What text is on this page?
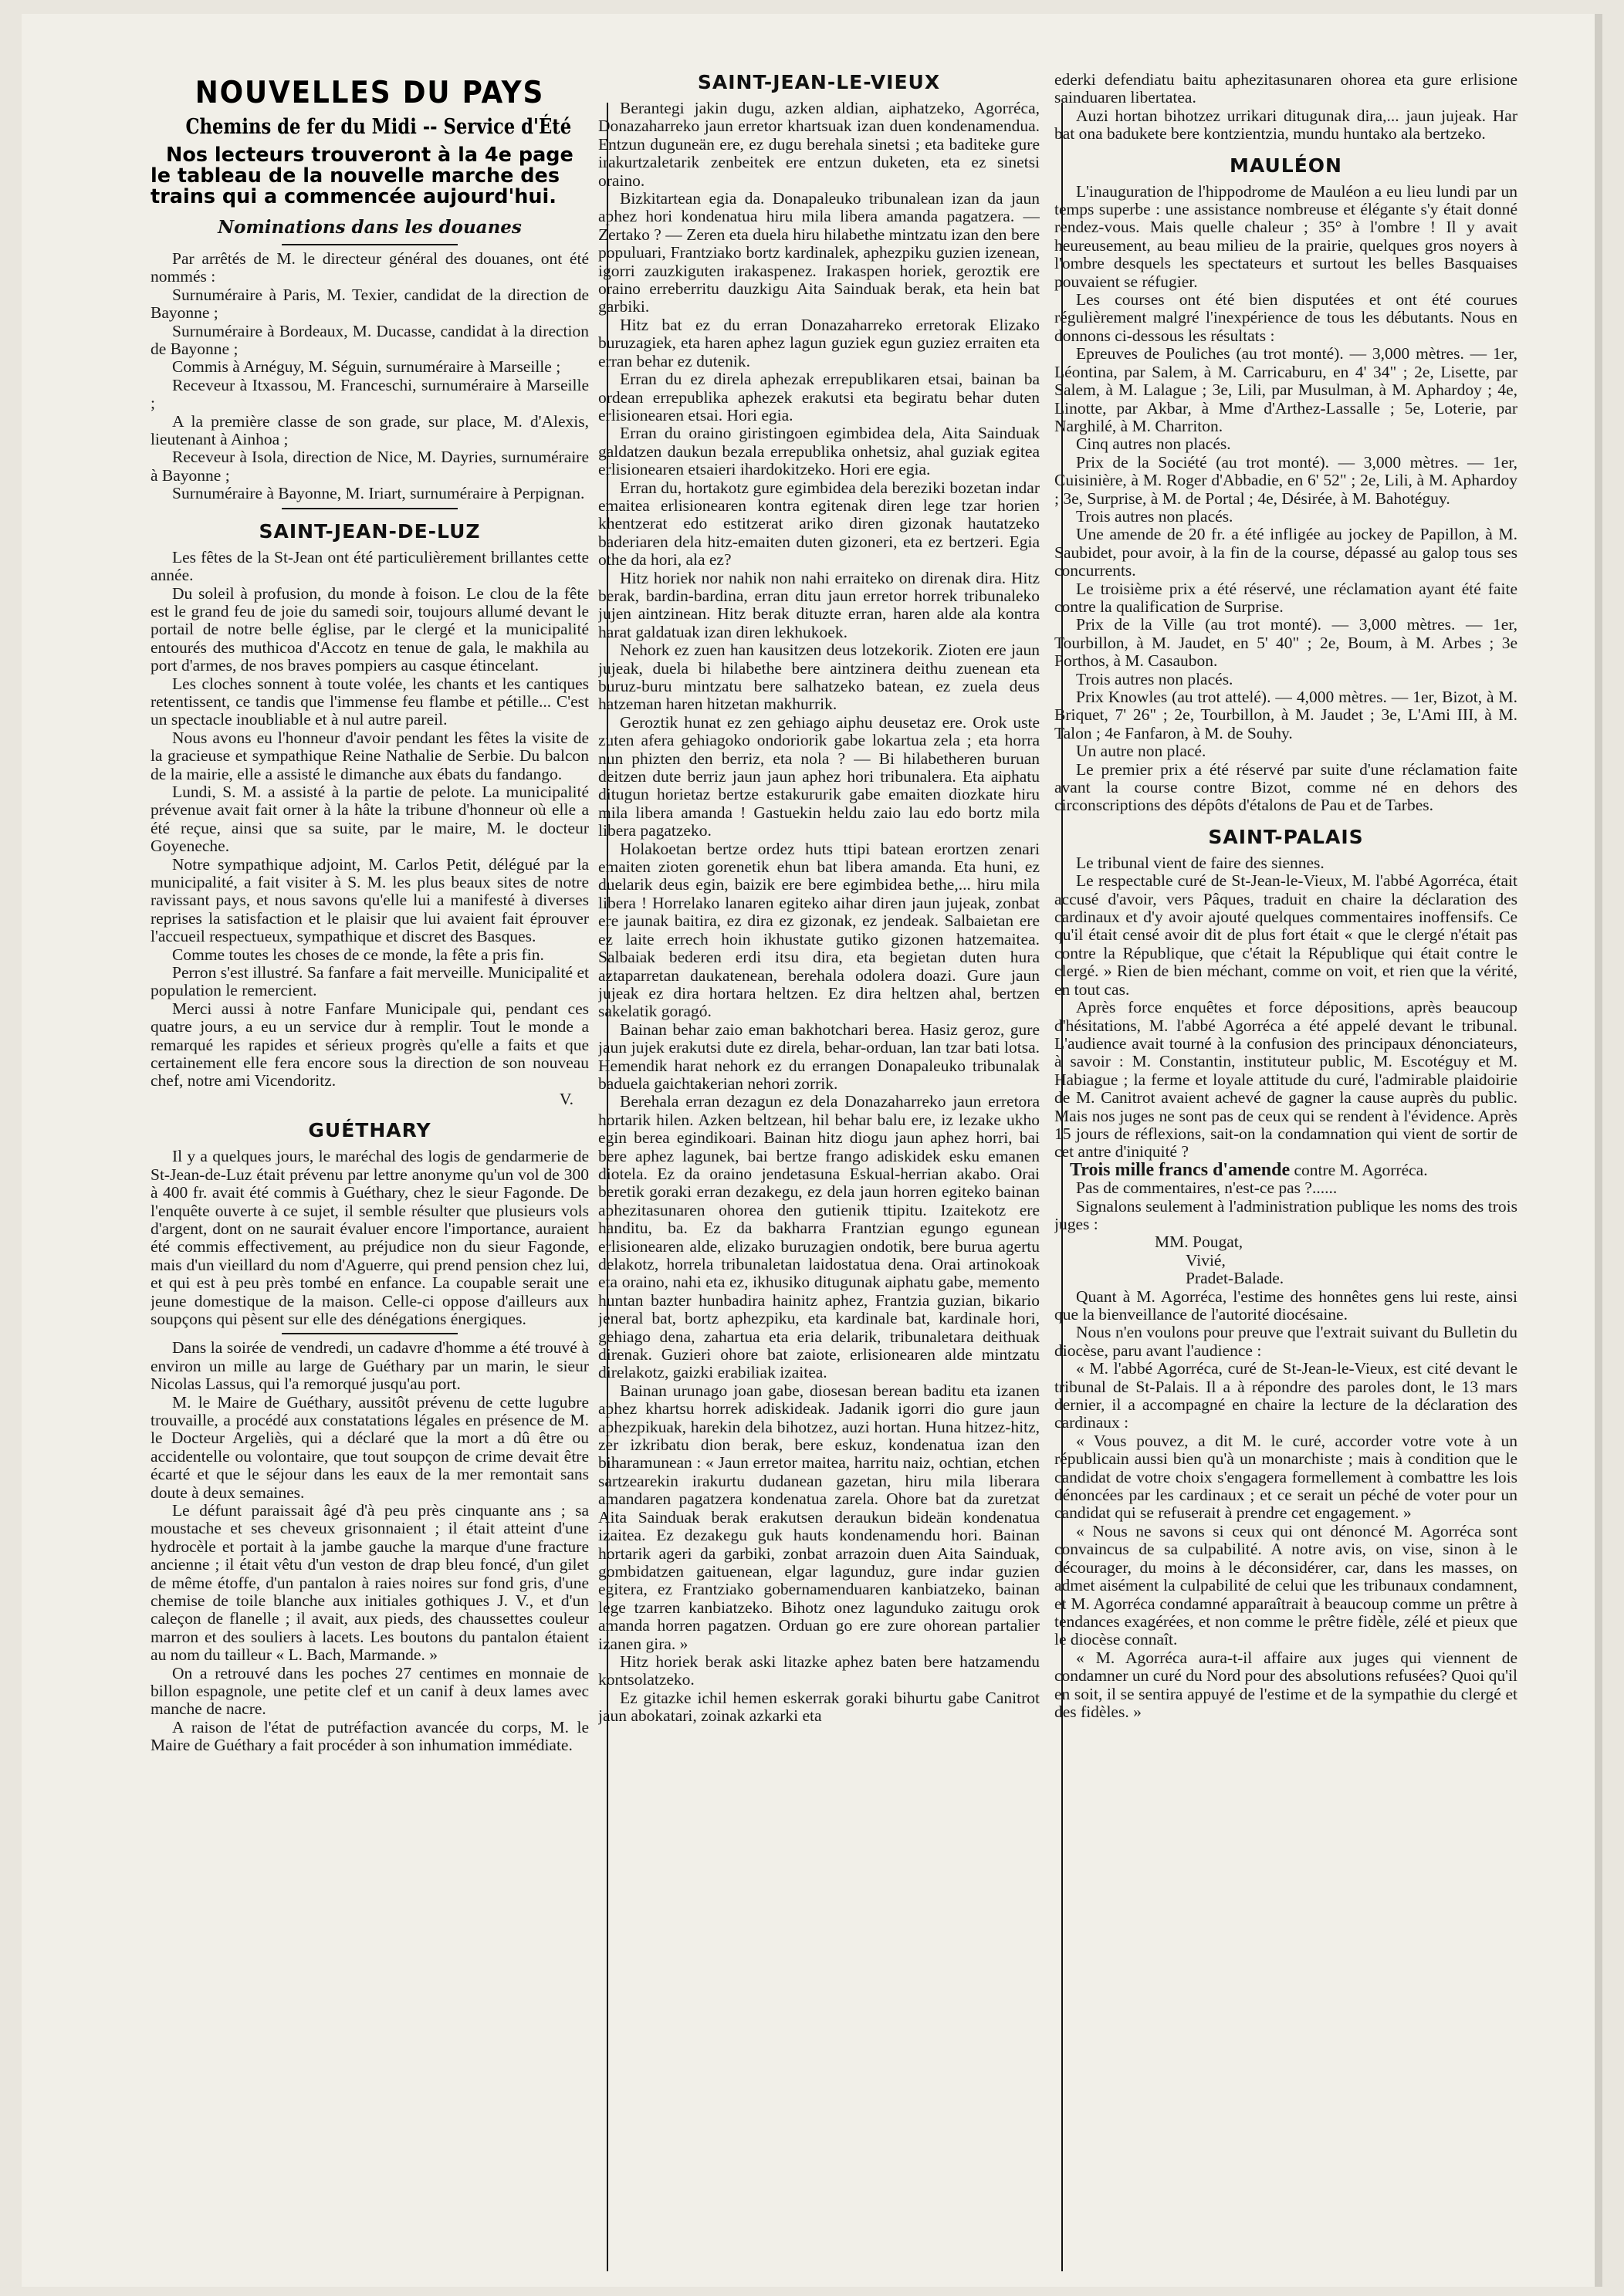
NOUVELLES DU PAYS
Chemins de fer du Midi -- Service d'Été
Nos lecteurs trouveront à la 4e page le tableau de la nouvelle marche des trains qui a commencée aujourd'hui.
Nominations dans les douanes

Par arrêtés de M. le directeur général des douanes, ont été nommés :

Surnuméraire à Paris, M. Texier, candidat de la direction de Bayonne ;

Surnuméraire à Bordeaux, M. Ducasse, candidat à la direction de Bayonne ;

Commis à Arnéguy, M. Séguin, surnuméraire à Marseille ;

Receveur à Itxassou, M. Franceschi, surnuméraire à Marseille ;

A la première classe de son grade, sur place, M. d'Alexis, lieutenant à Ainhoa ;

Receveur à Isola, direction de Nice, M. Dayries, surnuméraire à Bayonne ;

Surnuméraire à Bayonne, M. Iriart, surnuméraire à Perpignan.

SAINT-JEAN-DE-LUZ

Les fêtes de la St-Jean ont été particulièrement brillantes cette année.

Du soleil à profusion, du monde à foison. Le clou de la fête est le grand feu de joie du samedi soir, toujours allumé devant le portail de notre belle église, par le clergé et la municipalité entourés des muthicoa d'Accotz en tenue de gala, le makhila au port d'armes, de nos braves pompiers au casque étincelant.

Les cloches sonnent à toute volée, les chants et les cantiques retentissent, ce tandis que l'immense feu flambe et pétille... C'est un spectacle inoubliable et à nul autre pareil.

Nous avons eu l'honneur d'avoir pendant les fêtes la visite de la gracieuse et sympathique Reine Nathalie de Serbie. Du balcon de la mairie, elle a assisté le dimanche aux ébats du fandango.

Lundi, S. M. a assisté à la partie de pelote. La municipalité prévenue avait fait orner à la hâte la tribune d'honneur où elle a été reçue, ainsi que sa suite, par le maire, M. le docteur Goyeneche.

Notre sympathique adjoint, M. Carlos Petit, délégué par la municipalité, a fait visiter à S. M. les plus beaux sites de notre ravissant pays, et nous savons qu'elle lui a manifesté à diverses reprises la satisfaction et le plaisir que lui avaient fait éprouver l'accueil respectueux, sympathique et discret des Basques.

Comme toutes les choses de ce monde, la fête a pris fin.

Perron s'est illustré. Sa fanfare a fait merveille. Municipalité et population le remercient.

Merci aussi à notre Fanfare Municipale qui, pendant ces quatre jours, a eu un service dur à remplir. Tout le monde a remarqué les rapides et sérieux progrès qu'elle a faits et que certainement elle fera encore sous la direction de son nouveau chef, notre ami Vicendoritz.

V.

GUÉTHARY

Il y a quelques jours, le maréchal des logis de gendarmerie de St-Jean-de-Luz était prévenu par lettre anonyme qu'un vol de 300 à 400 fr. avait été commis à Guéthary, chez le sieur Fagonde. De l'enquête ouverte à ce sujet, il semble résulter que plusieurs vols d'argent, dont on ne saurait évaluer encore l'importance, auraient été commis effectivement, au préjudice non du sieur Fagonde, mais d'un vieillard du nom d'Aguerre, qui prend pension chez lui, et qui est à peu près tombé en enfance. La coupable serait une jeune domestique de la maison. Celle-ci oppose d'ailleurs aux soupçons qui pèsent sur elle des dénégations énergiques.

Dans la soirée de vendredi, un cadavre d'homme a été trouvé à environ un mille au large de Guéthary par un marin, le sieur Nicolas Lassus, qui l'a remorqué jusqu'au port.

M. le Maire de Guéthary, aussitôt prévenu de cette lugubre trouvaille, a procédé aux constatations légales en présence de M. le Docteur Argeliès, qui a déclaré que la mort a dû être ou accidentelle ou volontaire, que tout soupçon de crime devait être écarté et que le séjour dans les eaux de la mer remontait sans doute à deux semaines.

Le défunt paraissait âgé d'à peu près cinquante ans ; sa moustache et ses cheveux grisonnaient ; il était atteint d'une hydrocèle et portait à la jambe gauche la marque d'une fracture ancienne ; il était vêtu d'un veston de drap bleu foncé, d'un gilet de même étoffe, d'un pantalon à raies noires sur fond gris, d'une chemise de toile blanche aux initiales gothiques J. V., et d'un caleçon de flanelle ; il avait, aux pieds, des chaussettes couleur marron et des souliers à lacets. Les boutons du pantalon étaient au nom du tailleur « L. Bach, Marmande. »

On a retrouvé dans les poches 27 centimes en monnaie de billon espagnole, une petite clef et un canif à deux lames avec manche de nacre.

A raison de l'état de putréfaction avancée du corps, M. le Maire de Guéthary a fait procéder à son inhumation immédiate.

SAINT-JEAN-LE-VIEUX

Berantegi jakin dugu, azken aldian, aiphatzeko, Agorréca, Donazaharreko jaun erretor khartsuak izan duen kondenamendua. Entzun duguneän ere, ez dugu berehala sinetsi ; eta baditeke gure irakurtzaletarik zenbeitek ere entzun duketen, eta ez sinetsi oraino.

Bizkitartean egia da. Donapaleuko tribunalean izan da jaun aphez hori kondenatua hiru mila libera amanda pagatzera. — Zertako ? — Zeren eta duela hiru hilabethe mintzatu izan den bere populuari, Frantziako bortz kardinalek, aphezpiku guzien izenean, igorri zauzkiguten irakaspenez. Irakaspen horiek, geroztik ere oraino erreberritu dauzkigu Aita Sainduak berak, eta hein bat garbiki.

Hitz bat ez du erran Donazaharreko erretorak Elizako buruzagiek, eta haren aphez lagun guziek egun guziez erraiten eta erran behar ez dutenik.

Erran du ez direla aphezak errepublikaren etsai, bainan ba ordean errepublika aphezek erakutsi eta begiratu behar duten erlisionearen etsai. Hori egia.

Erran du oraino giristingoen egimbidea dela, Aita Sainduak galdatzen daukun bezala errepublika onhetsiz, ahal guziak egitea erlisionearen etsaieri ihardokitzeko. Hori ere egia.

Erran du, hortakotz gure egimbidea dela bereziki bozetan indar emaitea erlisionearen kontra egitenak diren lege tzar horien khentzerat edo estitzerat ariko diren gizonak hautatzeko baderiaren dela hitz-emaiten duten gizoneri, eta ez bertzeri. Egia othe da hori, ala ez?

Hitz horiek nor nahik non nahi erraiteko on direnak dira. Hitz berak, bardin-bardina, erran ditu jaun erretor horrek tribunaleko jujen aintzinean. Hitz berak dituzte erran, haren alde ala kontra harat galdatuak izan diren lekhukoek.

Nehork ez zuen han kausitzen deus lotzekorik. Zioten ere jaun jujeak, duela bi hilabethe bere aintzinera deithu zuenean eta buruz-buru mintzatu bere salhatzeko batean, ez zuela deus hatzeman haren hitzetan makhurrik.

Geroztik hunat ez zen gehiago aiphu deusetaz ere. Orok uste zuten afera gehiagoko ondoriorik gabe lokartua zela ; eta horra nun phizten den berriz, eta nola ? — Bi hilabetheren buruan deitzen dute berriz jaun jaun aphez hori tribunalera. Eta aiphatu ditugun horietaz bertze estakururik gabe emaiten diozkate hiru mila libera amanda ! Gastuekin heldu zaio lau edo bortz mila libera pagatzeko.

Holakoetan bertze ordez huts ttipi batean erortzen zenari emaiten zioten gorenetik ehun bat libera amanda. Eta huni, ez duelarik deus egin, baizik ere bere egimbidea bethe,... hiru mila libera ! Horrelako lanaren egiteko aihar diren jaun jujeak, zonbat ere jaunak baitira, ez dira ez gizonak, ez jendeak. Salbaietan ere ez laite errech hoin ikhustate gutiko gizonen hatzemaitea. Salbaiak bederen erdi itsu dira, eta begietan duten hura aztaparretan daukatenean, berehala odolera doazi. Gure jaun jujeak ez dira hortara heltzen. Ez dira heltzen ahal, bertzen sakelatik goragó.

Bainan behar zaio eman bakhotchari berea. Hasiz geroz, gure jaun jujek erakutsi dute ez direla, behar-orduan, lan tzar bati lotsa. Hemendik harat nehork ez du errangen Donapaleuko tribunalak baduela gaichtakerian nehori zorrik.

Berehala erran dezagun ez dela Donazaharreko jaun erretora hortarik hilen. Azken beltzean, hil behar balu ere, iz lezake ukho egin berea egindikoari. Bainan hitz diogu jaun aphez horri, bai bere aphez lagunek, bai bertze frango adiskidek esku emanen diotela. Ez da oraino jendetasuna Eskual-herrian akabo. Orai beretik goraki erran dezakegu, ez dela jaun horren egiteko bainan aphezitasunaren ohorea den gutienik ttipitu. Izaitekotz ere handitu, ba. Ez da bakharra Frantzian egungo egunean erlisionearen alde, elizako buruzagien ondotik, bere burua agertu delakotz, horrela tribunaletan laidostatua dena. Orai artinokoak eta oraino, nahi eta ez, ikhusiko ditugunak aiphatu gabe, memento huntan bazter hunbadira hainitz aphez, Frantzia guzian, bikario jeneral bat, bortz aphezpiku, eta kardinale bat, kardinale hori, gehiago dena, zahartua eta eria delarik, tribunaletara deithuak direnak. Guzieri ohore bat zaiote, erlisionearen alde mintzatu direlakotz, gaizki erabiliak izaitea.

Bainan urunago joan gabe, diosesan berean baditu eta izanen aphez khartsu horrek adiskideak. Jadanik igorri dio gure jaun aphezpikuak, harekin dela bihotzez, auzi hortan. Huna hitzez-hitz, zer izkribatu dion berak, bere eskuz, kondenatua izan den biharamunean : « Jaun erretor maitea, harritu naiz, ochtian, etchen sartzearekin irakurtu dudanean gazetan, hiru mila liberara amandaren pagatzera kondenatua zarela. Ohore bat da zuretzat Aita Sainduak berak erakutsen deraukun bideän kondenatua izaitea. Ez dezakegu guk hauts kondenamendu hori. Bainan hortarik ageri da garbiki, zonbat arrazoin duen Aita Sainduak, gombidatzen gaituenean, elgar lagunduz, gure indar guzien egitera, ez Frantziako gobernamenduaren kanbiatzeko, bainan lege tzarren kanbiatzeko. Bihotz onez lagunduko zaitugu orok amanda horren pagatzen. Orduan go ere zure ohorean partalier izanen gira. »

Hitz horiek berak aski litazke aphez baten bere hatzamendu kontsolatzeko.

Ez gitazke ichil hemen eskerrak goraki bihurtu gabe Canitrot jaun abokatari, zoinak azkarki eta

ederki defendiatu baitu aphezitasunaren ohorea eta gure erlisione sainduaren libertatea.

Auzi hortan bihotzez urrikari ditugunak dira,... jaun jujeak. Har bat ona badukete bere kontzientzia, mundu huntako ala bertzeko.

MAULÉON

L'inauguration de l'hippodrome de Mauléon a eu lieu lundi par un temps superbe : une assistance nombreuse et élégante s'y était donné rendez-vous. Mais quelle chaleur ; 35° à l'ombre ! Il y avait heureusement, au beau milieu de la prairie, quelques gros noyers à l'ombre desquels les spectateurs et surtout les belles Basquaises pouvaient se réfugier.

Les courses ont été bien disputées et ont été courues régulièrement malgré l'inexpérience de tous les débutants. Nous en donnons ci-dessous les résultats :

Epreuves de Pouliches (au trot monté). — 3,000 mètres. — 1er, Léontina, par Salem, à M. Carricaburu, en 4' 34" ; 2e, Lisette, par Salem, à M. Lalague ; 3e, Lili, par Musulman, à M. Aphardoy ; 4e, Linotte, par Akbar, à Mme d'Arthez-Lassalle ; 5e, Loterie, par Narghilé, à M. Charriton.

Cinq autres non placés.

Prix de la Société (au trot monté). — 3,000 mètres. — 1er, Cuisinière, à M. Roger d'Abbadie, en 6' 52" ; 2e, Lili, à M. Aphardoy ; 3e, Surprise, à M. de Portal ; 4e, Désirée, à M. Bahotéguy.

Trois autres non placés.

Une amende de 20 fr. a été infligée au jockey de Papillon, à M. Saubidet, pour avoir, à la fin de la course, dépassé au galop tous ses concurrents.

Le troisième prix a été réservé, une réclamation ayant été faite contre la qualification de Surprise.

Prix de la Ville (au trot monté). — 3,000 mètres. — 1er, Tourbillon, à M. Jaudet, en 5' 40" ; 2e, Boum, à M. Arbes ; 3e Porthos, à M. Casaubon.

Trois autres non placés.

Prix Knowles (au trot attelé). — 4,000 mètres. — 1er, Bizot, à M. Briquet, 7' 26" ; 2e, Tourbillon, à M. Jaudet ; 3e, L'Ami III, à M. Talon ; 4e Fanfaron, à M. de Souhy.

Un autre non placé.

Le premier prix a été réservé par suite d'une réclamation faite avant la course contre Bizot, comme né en dehors des circonscriptions des dépôts d'étalons de Pau et de Tarbes.

SAINT-PALAIS

Le tribunal vient de faire des siennes.

Le respectable curé de St-Jean-le-Vieux, M. l'abbé Agorréca, était accusé d'avoir, vers Pâques, traduit en chaire la déclaration des cardinaux et d'y avoir ajouté quelques commentaires inoffensifs. Ce qu'il était censé avoir dit de plus fort était « que le clergé n'était pas contre la République, que c'était la République qui était contre le clergé. » Rien de bien méchant, comme on voit, et rien que la vérité, en tout cas.

Après force enquêtes et force dépositions, après beaucoup d'hésitations, M. l'abbé Agorréca a été appelé devant le tribunal. L'audience avait tourné à la confusion des principaux dénonciateurs, à savoir : M. Constantin, instituteur public, M. Escotéguy et M. Habiague ; la ferme et loyale attitude du curé, l'admirable plaidoirie de M. Canitrot avaient achevé de gagner la cause auprès du public. Mais nos juges ne sont pas de ceux qui se rendent à l'évidence. Après 15 jours de réflexions, sait-on la condamnation qui vient de sortir de cet antre d'iniquité ?

Trois mille francs d'amende contre M. Agorréca.

Pas de commentaires, n'est-ce pas ?......

Signalons seulement à l'administration publique les noms des trois juges :

MM. Pougat,

Vivié,

Pradet-Balade.

Quant à M. Agorréca, l'estime des honnêtes gens lui reste, ainsi que la bienveillance de l'autorité diocésaine.

Nous n'en voulons pour preuve que l'extrait suivant du Bulletin du diocèse, paru avant l'audience :

« M. l'abbé Agorréca, curé de St-Jean-le-Vieux, est cité devant le tribunal de St-Palais. Il a à répondre des paroles dont, le 13 mars dernier, il a accompagné en chaire la lecture de la déclaration des cardinaux :

« Vous pouvez, a dit M. le curé, accorder votre vote à un républicain aussi bien qu'à un monarchiste ; mais à condition que le candidat de votre choix s'engagera formellement à combattre les lois dénoncées par les cardinaux ; et ce serait un péché de voter pour un candidat qui se refuserait à prendre cet engagement. »

« Nous ne savons si ceux qui ont dénoncé M. Agorréca sont convaincus de sa culpabilité. A notre avis, on vise, sinon à le décourager, du moins à le déconsidérer, car, dans les masses, on admet aisément la culpabilité de celui que les tribunaux condamnent, et M. Agorréca condamné apparaîtrait à beaucoup comme un prêtre à tendances exagérées, et non comme le prêtre fidèle, zélé et pieux que le diocèse connaît.

« M. Agorréca aura-t-il affaire aux juges qui viennent de condamner un curé du Nord pour des absolutions refusées? Quoi qu'il en soit, il se sentira appuyé de l'estime et de la sympathie du clergé et des fidèles. »
